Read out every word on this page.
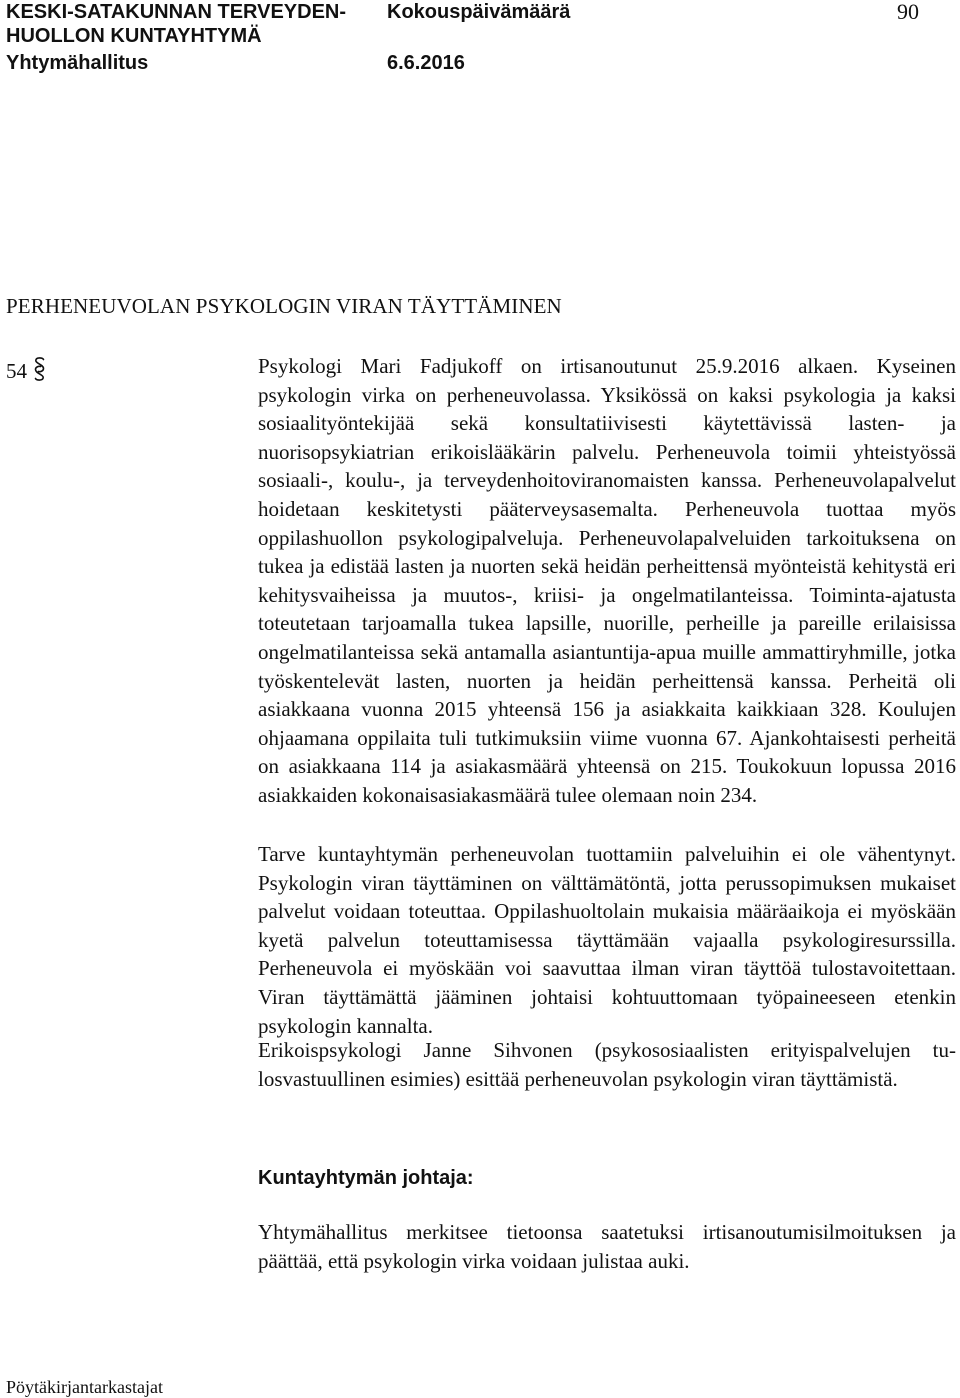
KESKI-SATAKUNNAN TERVEYDEN-
HUOLLON KUNTAYHTYMÄ
Yhtymähallitus
Kokouspäivämäärä
6.6.2016
90
PERHENEUVOLAN PSYKOLOGIN VIRAN TÄYTTÄMINEN
54	Psykologi Mari Fadjukoff on irtisanoutunut 25.9.2016 alkaen. Kyseinen psykologin virka on perheneuvolassa. Yksikössä on kaksi psykologia ja kaksi sosiaalityöntekijää sekä konsultatiivisesti käytettävissä lasten- ja nuorisopsykiatrian erikoislääkärin palvelu. Perheneuvola toimii yhteistyössä sosiaali-, koulu-, ja terveydenhoitoviranomaisten kanssa. Perheneuvolapalvelut hoidetaan keskitetysti pääterveysasemalta. Perheneuvola tuottaa myös oppilashuollon psykologipalveluja. Perheneuvolapalveluiden tarkoituksena on tukea ja edistää lasten ja nuorten sekä heidän perheittensä myönteistä kehitystä eri kehitysvaiheissa ja muutos-, kriisi- ja ongelmatilanteissa. Toiminta-ajatusta toteutetaan tarjoamalla tukea lapsille, nuorille, perheille ja pareille erilaisissa ongelmatilanteissa sekä antamalla asiantuntija-apua muille ammattiryhmille, jotka työskentelevät lasten, nuorten ja heidän perheittensä kanssa. Perheitä oli asiakkaana vuonna 2015 yhteensä 156 ja asiakkaita kaikkiaan 328. Koulujen ohjaamana oppilaita tuli tutkimuksiin viime vuonna 67. Ajankohtaisesti perheitä on asiakkaana 114 ja asiakasmäärä yhteensä on 215. Toukokuun lopussa 2016 asiakkaiden kokonaisasiakasmäärä tulee olemaan noin 234.

Tarve kuntayhtymän perheneuvolan tuottamiin palveluihin ei ole vähentynyt. Psykologin viran täyttäminen on välttämätöntä, jotta perussopimuksen mukaiset palvelut voidaan toteuttaa. Oppilashuoltolain mukaisia määräaikoja ei myöskään kyetä palvelun toteuttamisessa täyttämään vajaalla psykologiresurssilla. Perheneuvola ei myöskään voi saavuttaa ilman viran täyttöä tulostavoitettaan. Viran täyttämättä jääminen johtaisi kohtuuttomaan työpaineeseen etenkin psykologin kannalta.

Erikoispsykologi Janne Sihvonen (psykososiaalisten erityispalvelujen tulosvastuullinen esimies) esittää perheneuvolan psykologin viran täyttämistä.

Kuntayhtymän johtaja:

Yhtymähallitus merkitsee tietoonsa saatetuksi irtisanoutumisilmoituksen ja päättää, että psykologin virka voidaan julistaa auki.

Pöytäkirjantarkastajat
